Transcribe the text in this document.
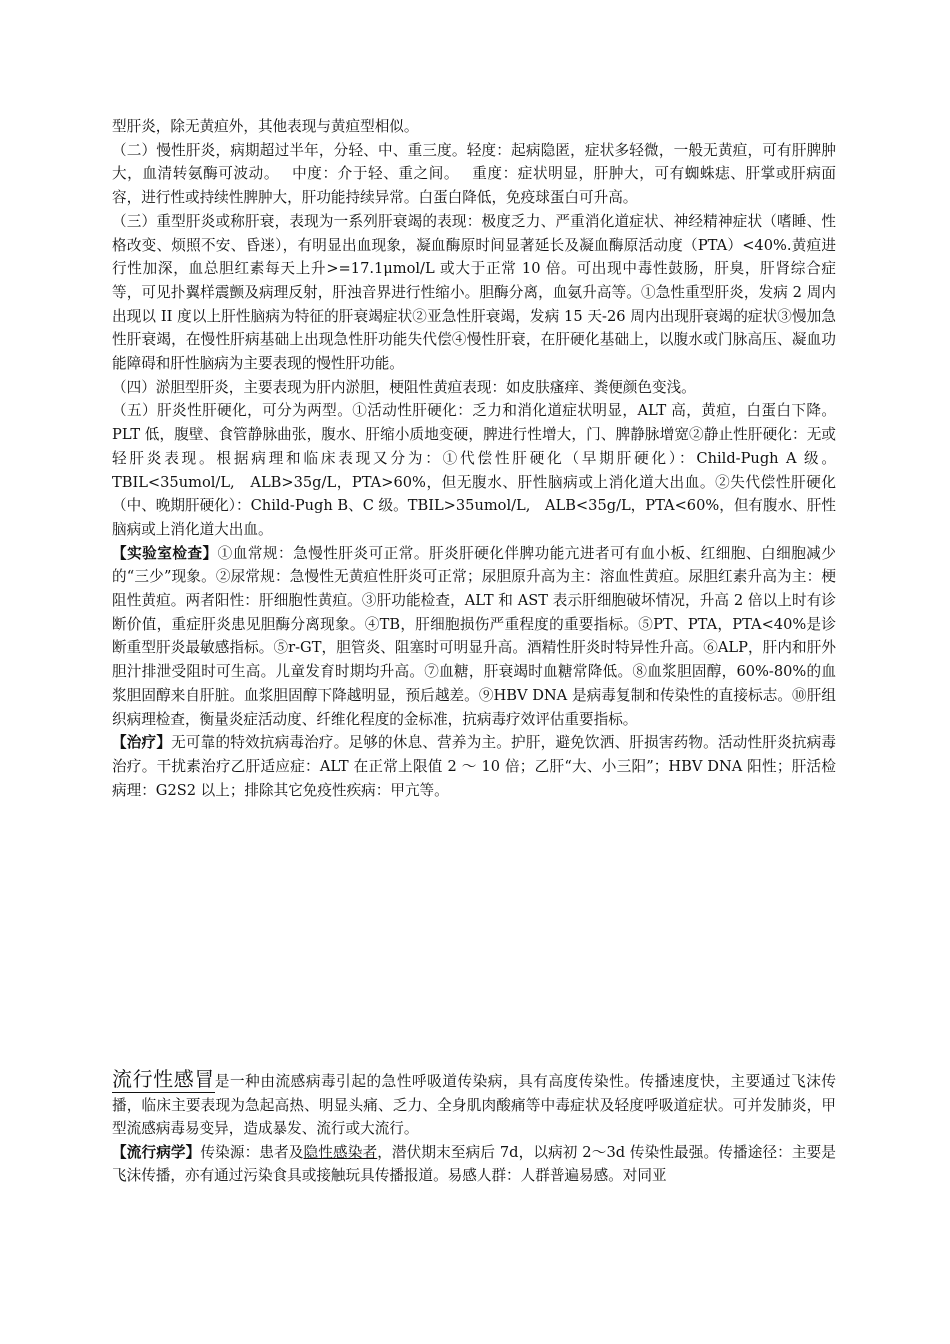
型肝炎，除无黄疸外，其他表现与黄疸型相似。

（二）慢性肝炎，病期超过半年，分轻、中、重三度。轻度：起病隐匿，症状多轻微，一般无黄疸，可有肝脾肿大，血清转氨酶可波动。　 中度：介于轻、重之间。　 重度：症状明显，肝肿大，可有蜘蛛痣、肝掌或肝病面容，进行性或持续性脾肿大，肝功能持续异常。白蛋白降低，免疫球蛋白可升高。

（三）重型肝炎或称肝衰，表现为一系列肝衰竭的表现：极度乏力、严重消化道症状、神经精神症状（嗜睡、性格改变、烦照不安、昏迷），有明显出血现象，凝血酶原时间显著延长及凝血酶原活动度（PTA）<40%.黄疸进行性加深，血总胆红素每天上升>=17.1μmol/L 或大于正常 10 倍。可出现中毒性鼓肠，肝臭，肝肾综合症等，可见扑翼样震颤及病理反射，肝浊音界进行性缩小。胆酶分离，血氨升高等。①急性重型肝炎，发病 2 周内出现以 II 度以上肝性脑病为特征的肝衰竭症状②亚急性肝衰竭，发病 15 天-26 周内出现肝衰竭的症状③慢加急性肝衰竭，在慢性肝病基础上出现急性肝功能失代偿④慢性肝衰，在肝硬化基础上，以腹水或门脉高压、凝血功能障碍和肝性脑病为主要表现的慢性肝功能。

（四）淤胆型肝炎，主要表现为肝内淤胆，梗阻性黄疸表现：如皮肤瘙痒、粪便颜色变浅。

（五）肝炎性肝硬化，可分为两型。①活动性肝硬化：乏力和消化道症状明显，ALT 高，黄疸，白蛋白下降。PLT 低，腹壁、食管静脉曲张，腹水、肝缩小质地变硬，脾进行性增大，门、脾静脉增宽②静止性肝硬化：无或轻肝炎表现。根据病理和临床表现又分为：①代偿性肝硬化（早期肝硬化）：Child-Pugh A 级。TBIL<35umol/L,　ALB>35g/L，PTA>60%，但无腹水、肝性脑病或上消化道大出血。②失代偿性肝硬化（中、晚期肝硬化）：Child-Pugh B、C 级。TBIL>35umol/L,　ALB<35g/L，PTA<60%，但有腹水、肝性脑病或上消化道大出血。

【实验室检查】①血常规：急慢性肝炎可正常。肝炎肝硬化伴脾功能亢进者可有血小板、红细胞、白细胞减少的“三少”现象。②尿常规：急慢性无黄疸性肝炎可正常；尿胆原升高为主：溶血性黄疸。尿胆红素升高为主：梗阻性黄疸。两者阳性：肝细胞性黄疸。③肝功能检查，ALT 和 AST 表示肝细胞破坏情况，升高 2 倍以上时有诊断价值，重症肝炎患见胆酶分离现象。④TB，肝细胞损伤严重程度的重要指标。⑤PT、PTA，PTA<40%是诊断重型肝炎最敏感指标。⑤r-GT，胆管炎、阻塞时可明显升高。酒精性肝炎时特异性升高。⑥ALP，肝内和肝外胆汁排泄受阻时可生高。儿童发育时期均升高。⑦血糖，肝衰竭时血糖常降低。⑧血浆胆固醇，60%-80%的血浆胆固醇来自肝脏。血浆胆固醇下降越明显，预后越差。⑨HBV DNA 是病毒复制和传染性的直接标志。⑩肝组织病理检查，衡量炎症活动度、纤维化程度的金标准，抗病毒疗效评估重要指标。

【治疗】无可靠的特效抗病毒治疗。足够的休息、营养为主。护肝，避免饮洒、肝损害药物。活动性肝炎抗病毒治疗。干扰素治疗乙肝适应症：ALT 在正常上限值 2 ～ 10 倍；乙肝“大、小三阳”；HBV DNA 阳性；肝活检病理：G2S2 以上；排除其它免疫性疾病：甲亢等。

流行性感冒是一种由流感病毒引起的急性呼吸道传染病，具有高度传染性。传播速度快，主要通过飞沫传播，临床主要表现为急起高热、明显头痛、乏力、全身肌肉酸痛等中毒症状及轻度呼吸道症状。可并发肺炎，甲型流感病毒易变异，造成暴发、流行或大流行。

【流行病学】传染源：患者及隐性感染者，潜伏期末至病后 7d，以病初 2～3d 传染性最强。传播途径：主要是飞沫传播，亦有通过污染食具或接触玩具传播报道。易感人群：人群普遍易感。对同亚
